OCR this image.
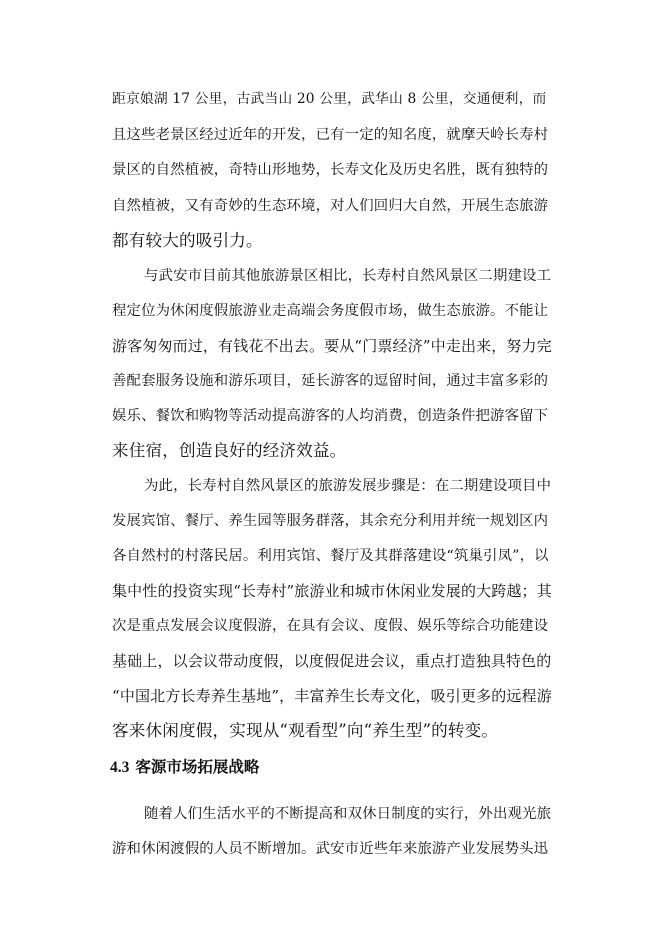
距京娘湖 17 公里，古武当山 20 公里，武华山 8 公里，交通便利，而
且这些老景区经过近年的开发，已有一定的知名度，就摩天岭长寿村
景区的自然植被，奇特山形地势，长寿文化及历史名胜，既有独特的
自然植被，又有奇妙的生态环境，对人们回归大自然，开展生态旅游
都有较大的吸引力。
与武安市目前其他旅游景区相比，长寿村自然风景区二期建设工
程定位为休闲度假旅游业走高端会务度假市场，做生态旅游。不能让
游客匆匆而过，有钱花不出去。要从“门票经济”中走出来，努力完
善配套服务设施和游乐项目，延长游客的逗留时间，通过丰富多彩的
娱乐、餐饮和购物等活动提高游客的人均消费，创造条件把游客留下
来住宿，创造良好的经济效益。
为此，长寿村自然风景区的旅游发展步骤是：在二期建设项目中
发展宾馆、餐厅、养生园等服务群落，其余充分利用并统一规划区内
各自然村的村落民居。利用宾馆、餐厅及其群落建设“筑巢引凤”，以
集中性的投资实现“长寿村”旅游业和城市休闲业发展的大跨越；其
次是重点发展会议度假游，在具有会议、度假、娱乐等综合功能建设
基础上，以会议带动度假，以度假促进会议，重点打造独具特色的
“中国北方长寿养生基地”，丰富养生长寿文化，吸引更多的远程游
客来休闲度假，实现从“观看型”向“养生型”的转变。
4.3 客源市场拓展战略
随着人们生活水平的不断提高和双休日制度的实行，外出观光旅
游和休闲渡假的人员不断增加。武安市近些年来旅游产业发展势头迅
